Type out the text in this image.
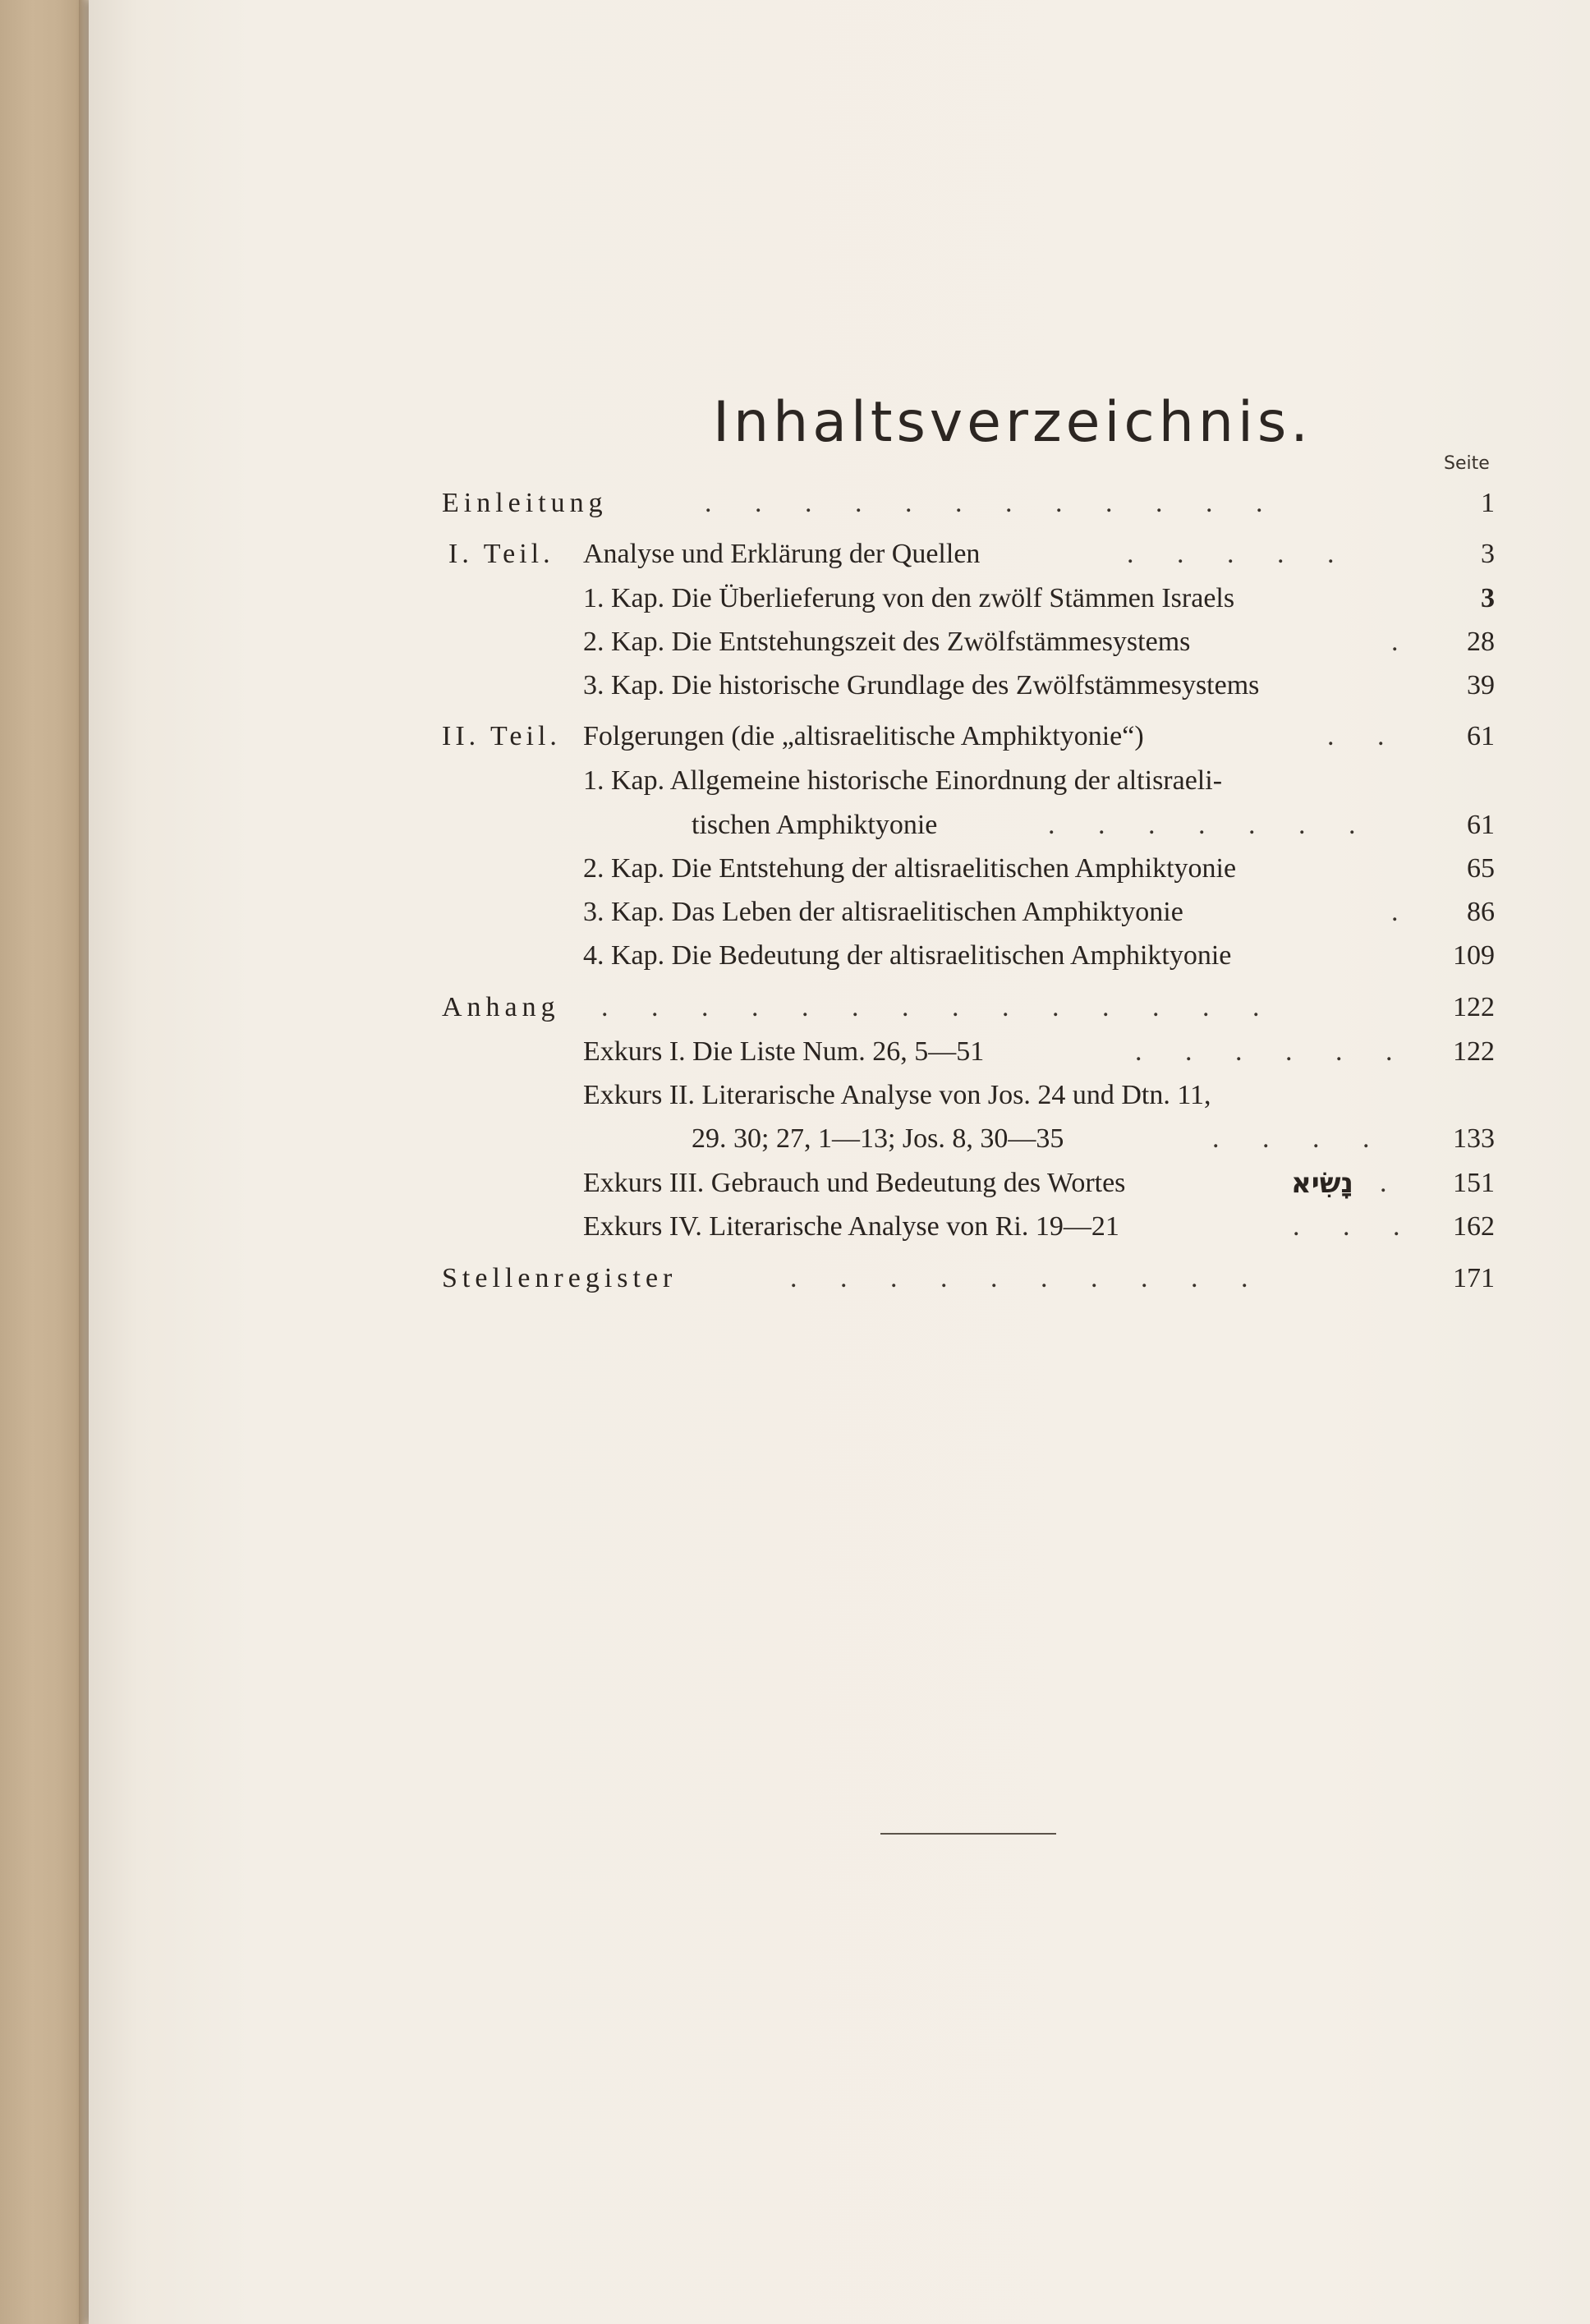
Inhaltsverzeichnis.
Seite
Einleitung	. . . . . . . . . . . .	1
I. Teil. Analyse und Erklärung der Quellen	. . . . .	3
1. Kap. Die Überlieferung von den zwölf Stämmen Israels	3
2. Kap. Die Entstehungszeit des Zwölfstämmesystems	. 28
3. Kap. Die historische Grundlage des Zwölfstämmesystems	39
II. Teil. Folgerungen (die „altisraelitische Amphiktyonie“)	. . 61
1. Kap. Allgemeine historische Einordnung der altisraeli-
tischen Amphiktyonie	. . . . . . .	61
2. Kap. Die Entstehung der altisraelitischen Amphiktyonie	65
3. Kap. Das Leben der altisraelitischen Amphiktyonie	. 86
4. Kap. Die Bedeutung der altisraelitischen Amphiktyonie	109
Anhang . . . . . . . . . . . . . .	122
Exkurs I. Die Liste Num. 26, 5—51	. . . . . . 122
Exkurs II. Literarische Analyse von Jos. 24 und Dtn. 11,
29. 30; 27, 1—13; Jos. 8, 30—35	. . . . 133
Exkurs III. Gebrauch und Bedeutung des Wortes	נָשִׂיא . 151
Exkurs IV. Literarische Analyse von Ri. 19—21	. . . 162
Stellenregister	. . . . . . . . . .	171
